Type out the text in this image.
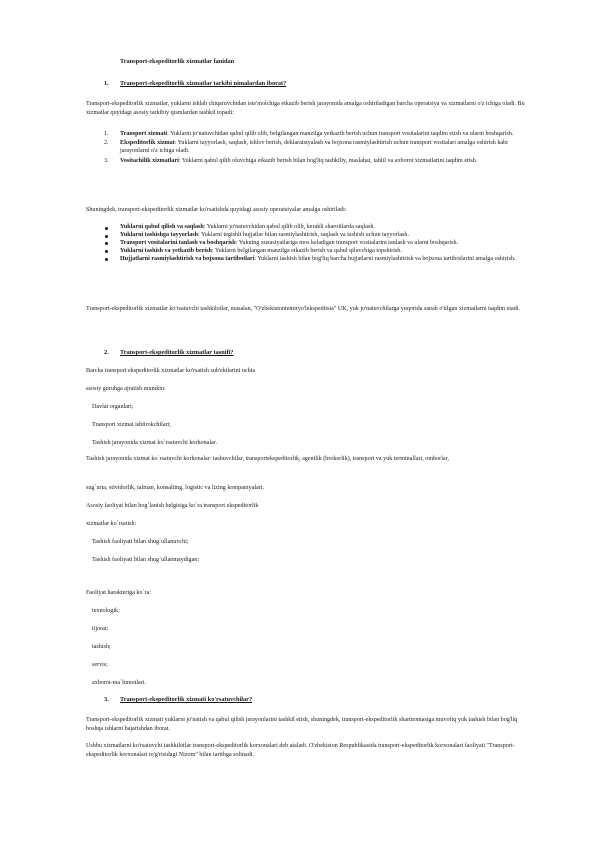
Transport-ekspeditorlik xizmatlar fanidan
1. Transport-ekspeditorlik xizmatlar tarkibi nimalardan iborat?

Transport-ekspeditorlik xizmatlar, yuklarni ishlab chiqaruvchidan iste'molchiga etkazib berish jarayonida amalga oshiriladigan barcha operatsiya va xizmatlarni o'z ichiga oladi. Bu xizmatlar quyidagi asosiy tarkibiy qismlardan tashkil topadi:

1. Transport xizmati: Yuklarni jo'natuvchidan qabul qilib olib, belgilangan manzilga yetkazib berish uchun transport vositalarini taqdim etish va ularni boshqarish.
2. Ekspeditorlik xizmat: Yuklarni tayyorlash, saqlash, ishlov berish, deklaratsiyalash va bojxona rasmiylashtirish uchun transport vositalari amalga oshirish kabi jarayonlarni o'z ichiga oladi.
3. Vositachilik xizmatlari: Yuklarni qabul qilib oluvchiga etkazib berish bilan bog'liq tashkiliy, maslahat, tahlil va axborot xizmatlarini taqdim etish.

Shuningdek, transport-ekspeditorlik xizmatlar ko'rsatishda quyidagi asosiy operatsiyalar amalga oshiriladi:

Yuklarni qabul qilish va saqlash: Yuklarni jo'natuvchidan qabul qilib olib, kerakli sharoitlarda saqlash.
Yuklarni tashishga tayyorlash: Yuklarni tegishli hujjatlar bilan rasmiylashtirish, saqlash va tashish uchun tayyorlash.
Transport vositalarini tanlash va boshqarish: Yukning xususiyatlariga mos keladigan transport vositalarini tanlash va ularni boshqarish.
Yuklarni tashish va yetkazib berish: Yuklarni belgilangan manzilga etkazib berish va qabul qiluvchiga topshirish.
Hujjatlarni rasmiylashtirish va bojxona tartibotlari: Yuklarni tashish bilan bog'liq barcha hujjatlarni rasmiylashtirish va bojxona tartibotlarini amalga oshirish.

Transport-ekspeditorlik xizmatlar ko'rsatuvchi tashkilotlar, masalan, "O'zbekistontemiryo'lekspeditsia" UK, yuk jo'natuvchilarga yuqorida sanab o'tilgan xizmatlarni taqdim etadi.

2. Transport-ekspeditorlik xizmatlar tasnifi?
Barcha transport ekspeditorlik xizmatlar ko'rsatish sub'ektlarini uchta
asosiy guruhga ajratish mumkin:
Davlat organlari;
Transport xizmat ishtirokchilari;
Tashish jarayonida xizmat ko`rsatuvchi korhonalar.

Tashish jarayonida xizmat ko`rsatuvchi korhonalar: tashuvchilar, transportekspeditorlik, agentlik (brokerlik), transport va yuk terminallari, omborlar,

sug`urta, stividorlik, talman, konsalting, logistic va lizing kompaniyalari.
Asosiy faoliyat bilan bog`lanish belgisiga ko`ra transport ekspeditorlik
xizmatlar ko`rsatish:
Tashish faoliyati bilan shug`ullanuvchi;
Tashish faoliyati bilan shug`ullanmaydigan;
Faoliyat harakteriga ko`ra:
texnologik;
tijorat;
tashish;
servis;
axborot-ma`lumotlari.
3. Transport-ekspeditorlik xizmati ko'rsatuvchilar?

Transport-ekspeditorlik xizmati yuklarni jo'natish va qabul qilish jarayonlarini tashkil etish, shuningdek, transport-ekspeditorlik shartnomasiga muvofiq yuk tashish bilan bog'liq boshqa ishlarni bajarishdan iborat.

Ushbu xizmatlarni ko'rsatuvchi tashkilotlar transport-ekspeditorlik korxonalari deb ataladi. O'zbekiston Respublikasida transport-ekspeditorlik korxonalari faoliyati "Transport-ekspeditorlik korxonalari to'g'risidagi Nizom" bilan tartibga solinadi.
